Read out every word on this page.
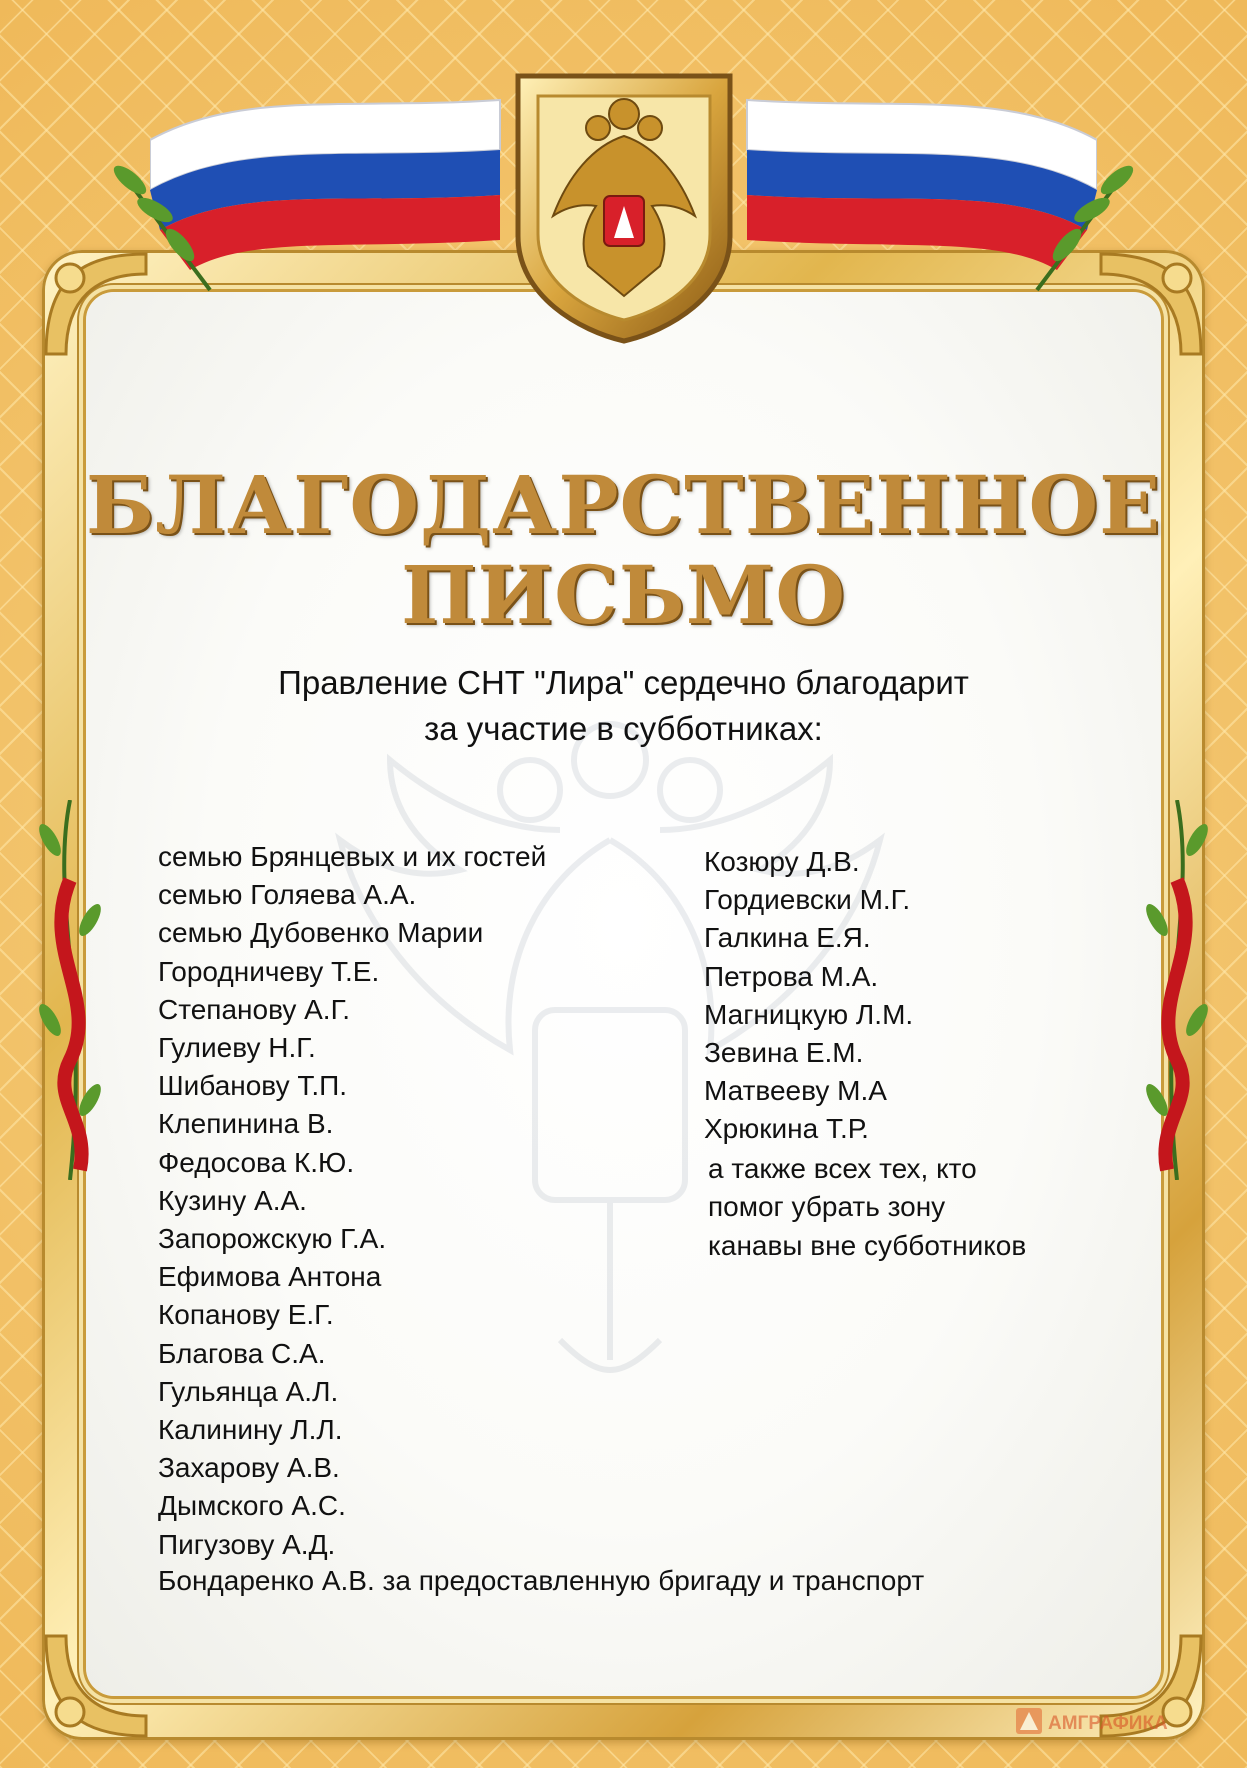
БЛАГОДАРСТВЕННОЕ
ПИСЬМО
Правление СНТ "Лира" сердечно благодарит
за участие в субботниках:
семью Брянцевых и их гостей
семью Голяева А.А.
семью Дубовенко Марии
Городничеву Т.Е.
Степанову А.Г.
Гулиеву Н.Г.
Шибанову Т.П.
Клепинина В.
Федосова К.Ю.
Кузину А.А.
Запорожскую Г.А.
Ефимова Антона
Копанову Е.Г.
Благова С.А.
Гульянца А.Л.
Калинину Л.Л.
Захарову А.В.
Дымского А.С.
Пигузову А.Д.
Козюру Д.В.
Гордиевски М.Г.
Галкина Е.Я.
Петрова М.А.
Магницкую Л.М.
Зевина Е.М.
Матвееву М.А
Хрюкина Т.Р.
а также всех тех, кто
помог убрать зону
канавы вне субботников
Бондаренко А.В. за предоставленную бригаду и транспорт
АМГРАФИКА
